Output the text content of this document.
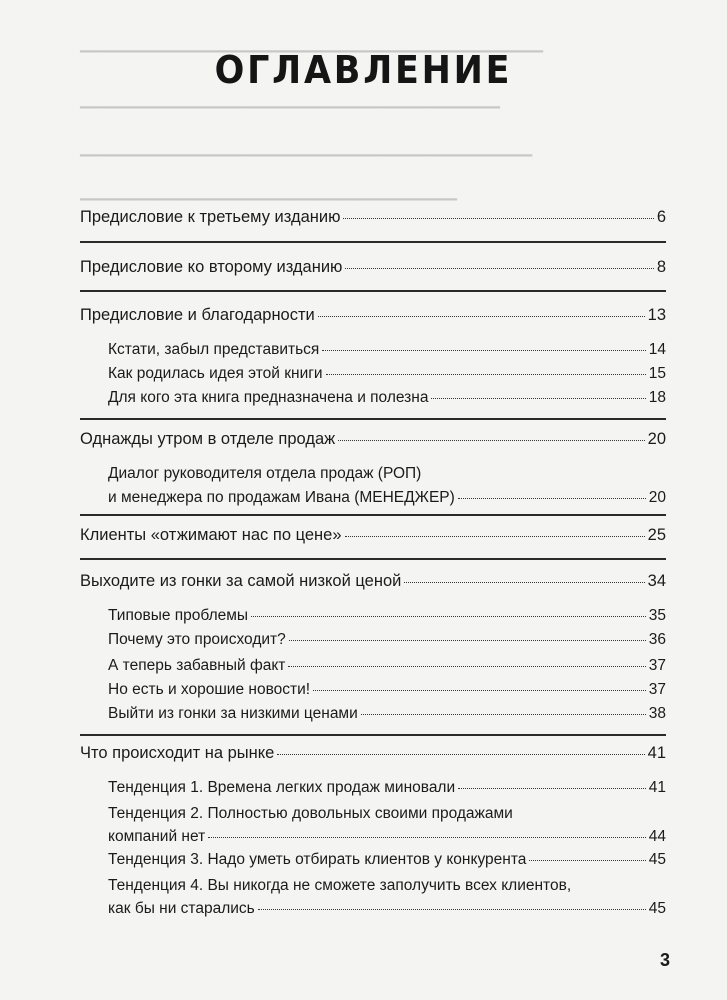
▁▁▁▁▁▁▁▁▁▁▁▁▁▁▁▁▁▁▁▁▁▁▁▁▁▁▁▁▁▁▁▁▁▁▁▁▁▁▁▁▁▁▁
▁▁▁▁▁▁▁▁▁▁▁▁▁▁▁▁▁▁▁▁▁▁▁▁▁▁▁▁▁▁▁▁▁▁▁▁▁▁▁
▁▁▁▁▁▁▁▁▁▁▁▁▁▁▁▁▁▁▁▁▁▁▁▁▁▁▁▁▁▁▁▁▁▁▁▁▁▁▁▁▁▁
▁▁▁▁▁▁▁▁▁▁▁▁▁▁▁▁▁▁▁▁▁▁▁▁▁▁▁▁▁▁▁▁▁▁▁
ОГЛАВЛЕНИЕ
Предисловие к третьему изданию	6
Предисловие ко второму изданию	8
Предисловие и благодарности	13
Кстати, забыл представиться	14
Как родилась идея этой книги	15
Для кого эта книга предназначена и полезна	18
Однажды утром в отделе продаж	20
Диалог руководителя отдела продаж (РОП)
и менеджера по продажам Ивана (МЕНЕДЖЕР)	20
Клиенты «отжимают нас по цене»	25
Выходите из гонки за самой низкой ценой	34
Типовые проблемы	35
Почему это происходит?	36
А теперь забавный факт	37
Но есть и хорошие новости!	37
Выйти из гонки за низкими ценами	38
Что происходит на рынке	41
Тенденция 1. Времена легких продаж миновали	41
Тенденция 2. Полностью довольных своими продажами
компаний нет	44
Тенденция 3. Надо уметь отбирать клиентов у конкурента	45
Тенденция 4. Вы никогда не сможете заполучить всех клиентов,
как бы ни старались	45
3
